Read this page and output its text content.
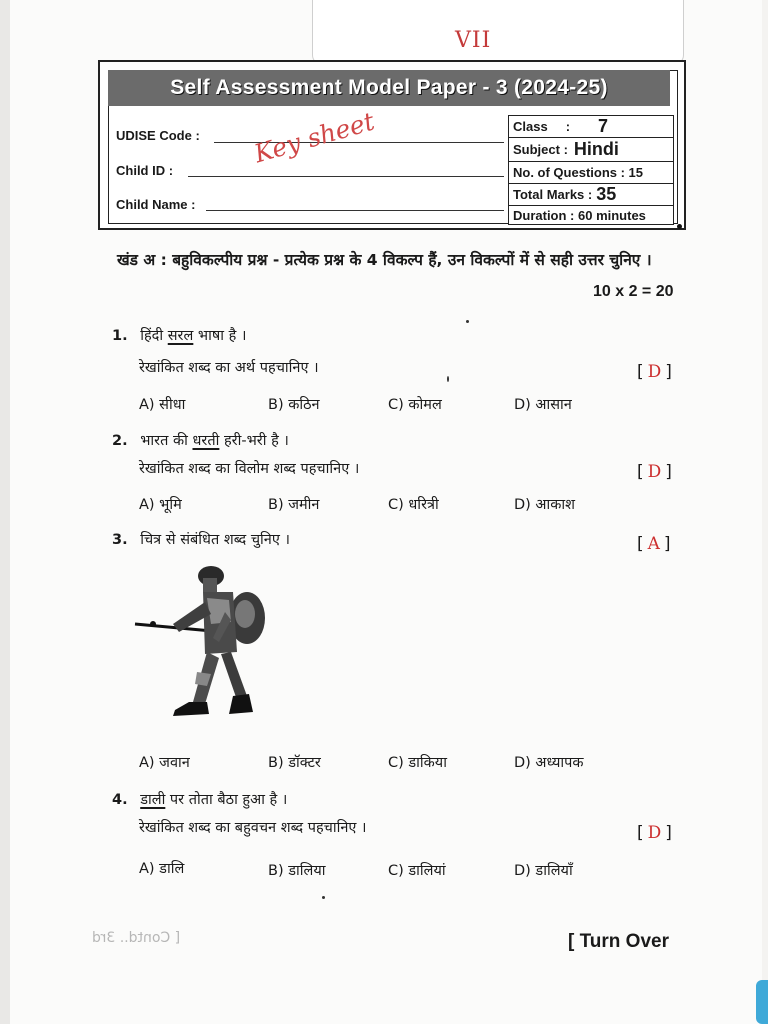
VII
Self Assessment Model Paper - 3 (2024-25)
UDISE Code :
Child ID :
Child Name :
Key sheet	Class : 7
Subject : Hindi
No. of Questions : 15
Total Marks : 35
Duration : 60 minutes
खंड अ : बहुविकल्पीय प्रश्न - प्रत्येक प्रश्न के 4 विकल्प हैं, उन विकल्पों में से सही उत्तर चुनिए ।
10 x 2 = 20
1. हिंदी सरल भाषा है ।
रेखांकित शब्द का अर्थ पहचानिए ।	[ D ]
A) सीधा	B) कठिन	C) कोमल	D) आसान
2. भारत की धरती हरी-भरी है ।
रेखांकित शब्द का विलोम शब्द पहचानिए ।	[ D ]
A) भूमि	B) जमीन	C) धरित्री	D) आकाश
3. चित्र से संबंधित शब्द चुनिए ।	[ A ]
A) जवान	B) डॉक्टर	C) डाकिया	D) अध्यापक
4. डाली पर तोता बैठा हुआ है ।
रेखांकित शब्द का बहुवचन शब्द पहचानिए ।	[ D ]
A) डालि	B) डालिया	C) डालियां	D) डालियाँ
[ Contd.. 3rd	[ Turn Over
